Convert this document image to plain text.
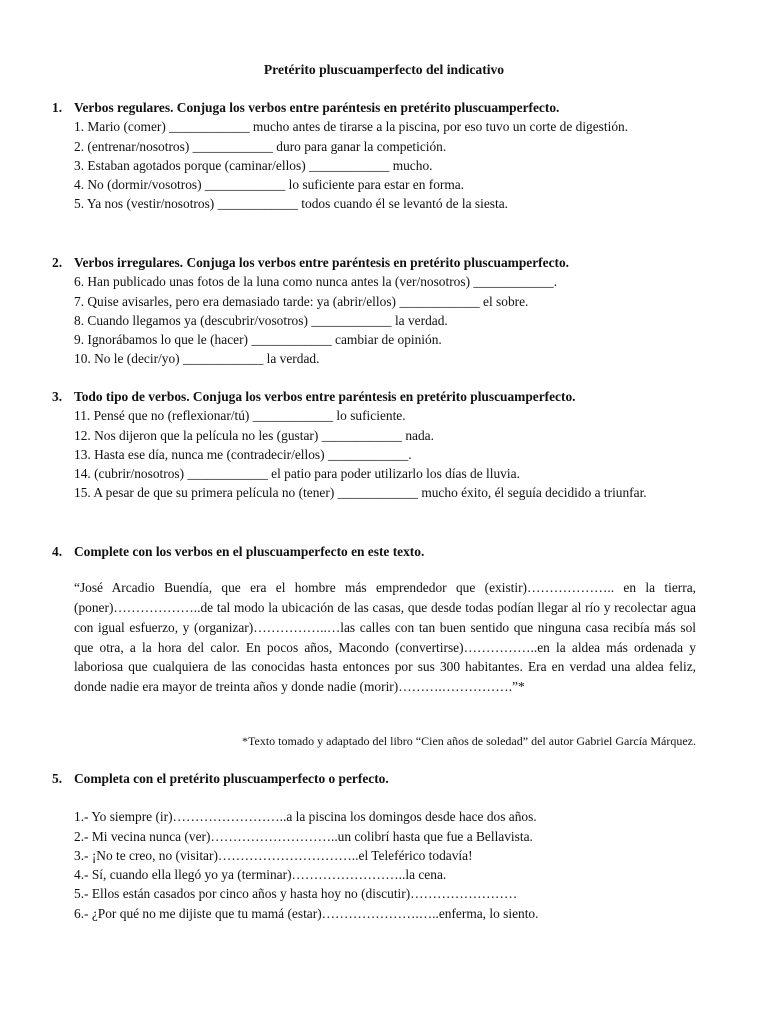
Pretérito pluscuamperfecto del indicativo
1. Verbos regulares. Conjuga los verbos entre paréntesis en pretérito pluscuamperfecto.
1. Mario (comer) ____________ mucho antes de tirarse a la piscina, por eso tuvo un corte de digestión.
2. (entrenar/nosotros) ____________ duro para ganar la competición.
3. Estaban agotados porque (caminar/ellos) ____________ mucho.
4. No (dormir/vosotros) ____________ lo suficiente para estar en forma.
5. Ya nos (vestir/nosotros) ____________ todos cuando él se levantó de la siesta.
2. Verbos irregulares. Conjuga los verbos entre paréntesis en pretérito pluscuamperfecto.
6. Han publicado unas fotos de la luna como nunca antes la (ver/nosotros) ____________.
7. Quise avisarles, pero era demasiado tarde: ya (abrir/ellos) ____________ el sobre.
8. Cuando llegamos ya (descubrir/vosotros) ____________ la verdad.
9. Ignorábamos lo que le (hacer) ____________ cambiar de opinión.
10. No le (decir/yo) ____________ la verdad.
3. Todo tipo de verbos. Conjuga los verbos entre paréntesis en pretérito pluscuamperfecto.
11. Pensé que no (reflexionar/tú) ____________ lo suficiente.
12. Nos dijeron que la película no les (gustar) ____________ nada.
13. Hasta ese día, nunca me (contradecir/ellos) ____________.
14. (cubrir/nosotros) ____________ el patio para poder utilizarlo los días de lluvia.
15. A pesar de que su primera película no (tener) ____________ mucho éxito, él seguía decidido a triunfar.
4. Complete con los verbos en el pluscuamperfecto en este texto.
“José Arcadio Buendía, que era el hombre más emprendedor que (existir)……………….. en la tierra, (poner)………………..de tal modo la ubicación de las casas, que desde todas podían llegar al río y recolectar agua con igual esfuerzo, y (organizar)……………..…las calles con tan buen sentido que ninguna casa recibía más sol que otra, a la hora del calor. En pocos años, Macondo (convertirse)……………..en la aldea más ordenada y laboriosa que cualquiera de las conocidas hasta entonces por sus 300 habitantes. Era en verdad una aldea feliz, donde nadie era mayor de treinta años y donde nadie (morir)……….…………….”*
*Texto tomado y adaptado del libro “Cien años de soledad” del autor Gabriel García Márquez.
5. Completa con el pretérito pluscuamperfecto o perfecto.
1.- Yo siempre (ir)……………………..a la piscina los domingos desde hace dos años.
2.- Mi vecina nunca (ver)………………………..un colibrí hasta que fue a Bellavista.
3.- ¡No te creo, no (visitar)…………………………..el Teleférico todavía!
4.- Sí, cuando ella llegó yo ya (terminar)……………………..la cena.
5.- Ellos están casados por cinco años y hasta hoy no (discutir)……………………
6.- ¿Por qué no me dijiste que tu mamá (estar)………………….…..enferma, lo siento.
